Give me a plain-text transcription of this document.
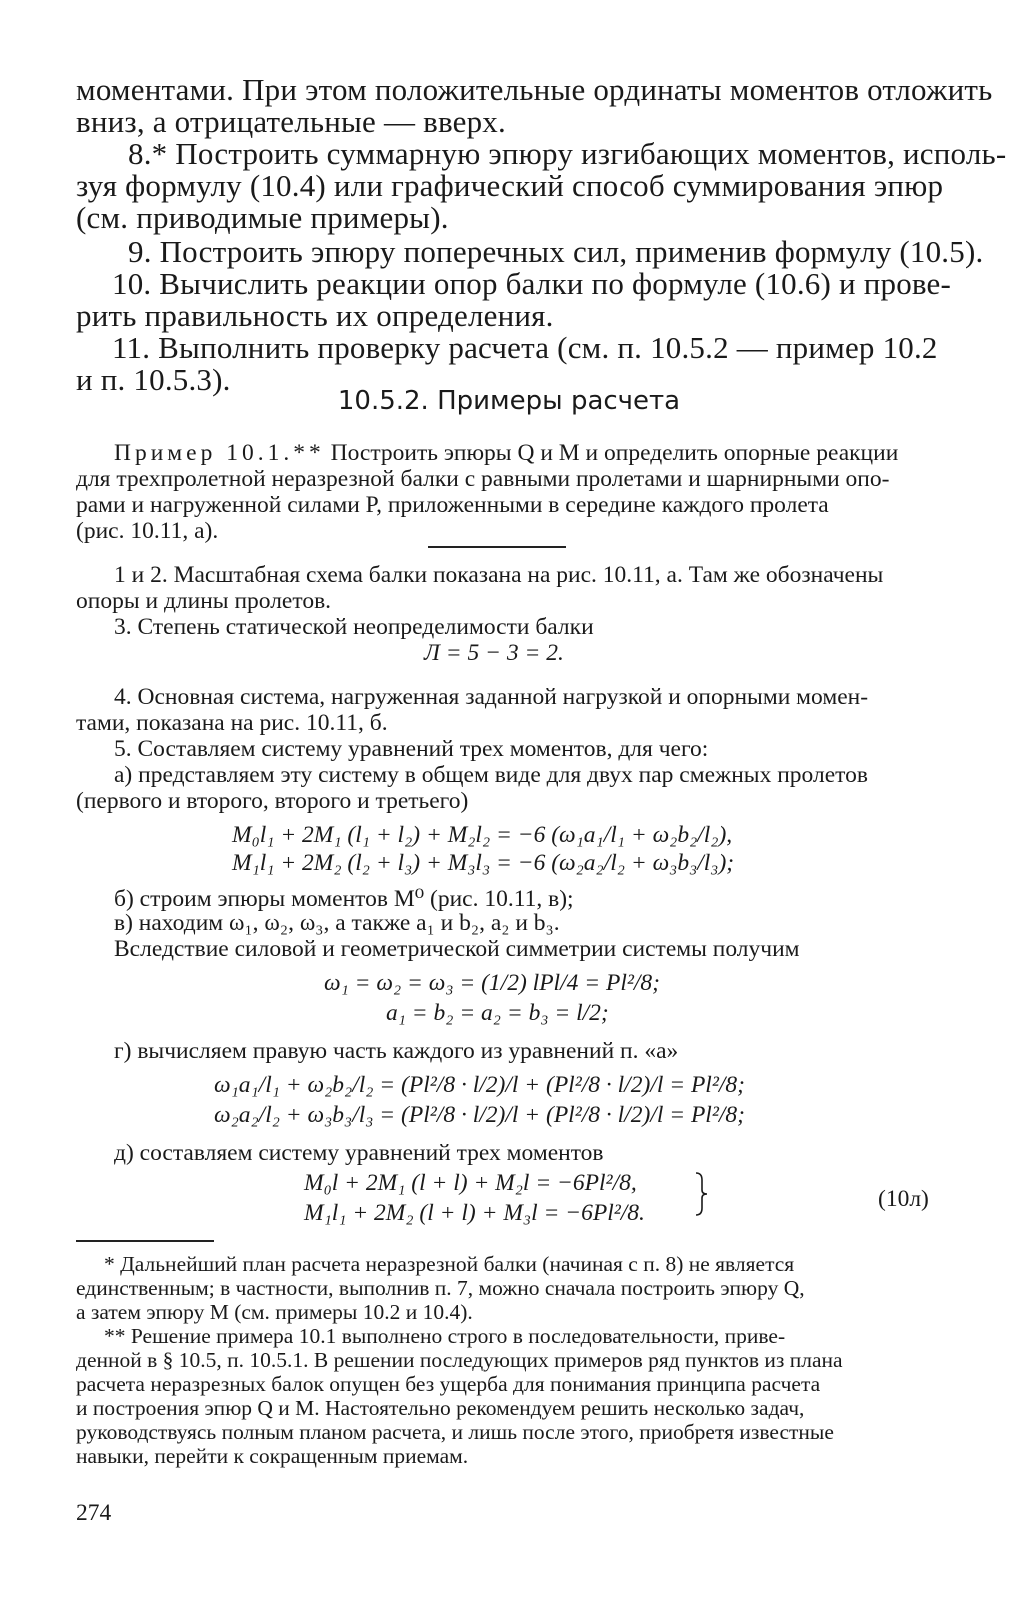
моментами. При этом положительные ординаты моментов отложить

вниз, а отрицательные — вверх.

8.* Построить суммарную эпюру изгибающих моментов, исполь-

зуя формулу (10.4) или графический способ суммирования эпюр

(см. приводимые примеры).

9. Построить эпюру поперечных сил, применив формулу (10.5).

10. Вычислить реакции опор балки по формуле (10.6) и прове-

рить правильность их определения.

11. Выполнить проверку расчета (см. п. 10.5.2 — пример 10.2

и п. 10.5.3).

10.5.2. Примеры расчета

Пример 10.1.** Построить эпюры Q и M и определить опорные реакции

для трехпролетной неразрезной балки с равными пролетами и шарнирными опо-

рами и нагруженной силами P, приложенными в середине каждого пролета

(рис. 10.11, а).

1 и 2. Масштабная схема балки показана на рис. 10.11, а. Там же обозначены

опоры и длины пролетов.

3. Степень статической неопределимости балки

Л = 5 − 3 = 2.

4. Основная система, нагруженная заданной нагрузкой и опорными момен-

тами, показана на рис. 10.11, б.

5. Составляем систему уравнений трех моментов, для чего:

а) представляем эту систему в общем виде для двух пар смежных пролетов

(первого и второго, второго и третьего)

M₀l₁ + 2M₁ (l₁ + l₂) + M₂l₂ = −6 (ω₁a₁/l₁ + ω₂b₂/l₂),
M₁l₁ + 2M₂ (l₂ + l₃) + M₃l₃ = −6 (ω₂a₂/l₂ + ω₃b₃/l₃);

б) строим эпюры моментов M⁰ (рис. 10.11, в);

в) находим ω₁, ω₂, ω₃, а также a₁ и b₂, a₂ и b₃.

Вследствие силовой и геометрической симметрии системы получим

ω₁ = ω₂ = ω₃ = (1/2) lPl/4 = Pl²/8;
a₁ = b₂ = a₂ = b₃ = l/2;

г) вычисляем правую часть каждого из уравнений п. «а»

ω₁a₁/l₁ + ω₂b₂/l₂ = (Pl²/8 · l/2)/l + (Pl²/8 · l/2)/l = Pl²/8;
ω₂a₂/l₂ + ω₃b₃/l₃ = (Pl²/8 · l/2)/l + (Pl²/8 · l/2)/l = Pl²/8;

д) составляем систему уравнений трех моментов

M₀l + 2M₁ (l + l) + M₂l = −6Pl²/8,
M₁l₁ + 2M₂ (l + l) + M₃l = −6Pl²/8.
(10л)

* Дальнейший план расчета неразрезной балки (начиная с п. 8) не является

единственным; в частности, выполнив п. 7, можно сначала построить эпюру Q,

а затем эпюру M (см. примеры 10.2 и 10.4).

** Решение примера 10.1 выполнено строго в последовательности, приве-

денной в § 10.5, п. 10.5.1. В решении последующих примеров ряд пунктов из плана

расчета неразрезных балок опущен без ущерба для понимания принципа расчета

и построения эпюр Q и M. Настоятельно рекомендуем решить несколько задач,

руководствуясь полным планом расчета, и лишь после этого, приобретя известные

навыки, перейти к сокращенным приемам.

274
